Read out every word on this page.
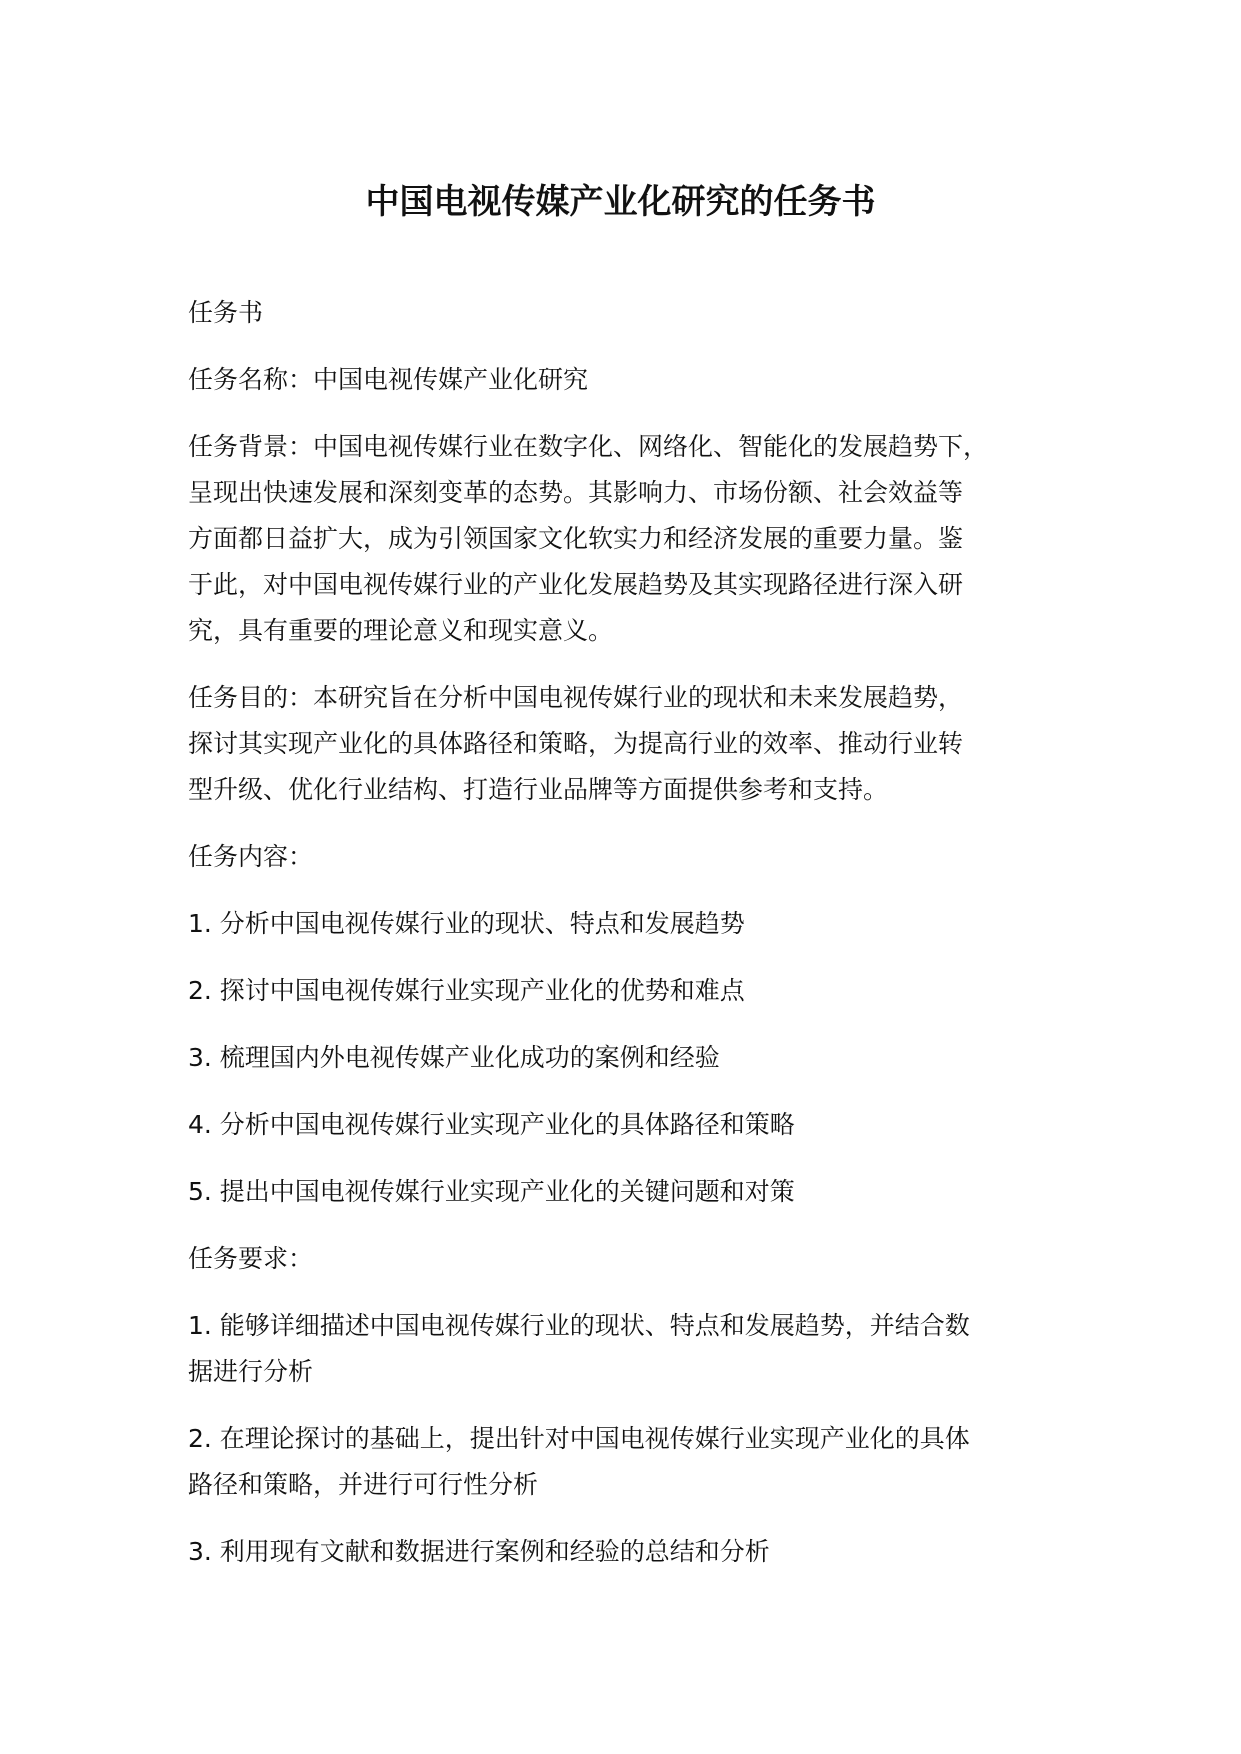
中国电视传媒产业化研究的任务书
任务书
任务名称：中国电视传媒产业化研究
任务背景：中国电视传媒行业在数字化、网络化、智能化的发展趋势下，
呈现出快速发展和深刻变革的态势。其影响力、市场份额、社会效益等
方面都日益扩大，成为引领国家文化软实力和经济发展的重要力量。鉴
于此，对中国电视传媒行业的产业化发展趋势及其实现路径进行深入研
究，具有重要的理论意义和现实意义。
任务目的：本研究旨在分析中国电视传媒行业的现状和未来发展趋势，
探讨其实现产业化的具体路径和策略，为提高行业的效率、推动行业转
型升级、优化行业结构、打造行业品牌等方面提供参考和支持。
任务内容：
1. 分析中国电视传媒行业的现状、特点和发展趋势
2. 探讨中国电视传媒行业实现产业化的优势和难点
3. 梳理国内外电视传媒产业化成功的案例和经验
4. 分析中国电视传媒行业实现产业化的具体路径和策略
5. 提出中国电视传媒行业实现产业化的关键问题和对策
任务要求：
1. 能够详细描述中国电视传媒行业的现状、特点和发展趋势，并结合数
据进行分析
2. 在理论探讨的基础上，提出针对中国电视传媒行业实现产业化的具体
路径和策略，并进行可行性分析
3. 利用现有文献和数据进行案例和经验的总结和分析
